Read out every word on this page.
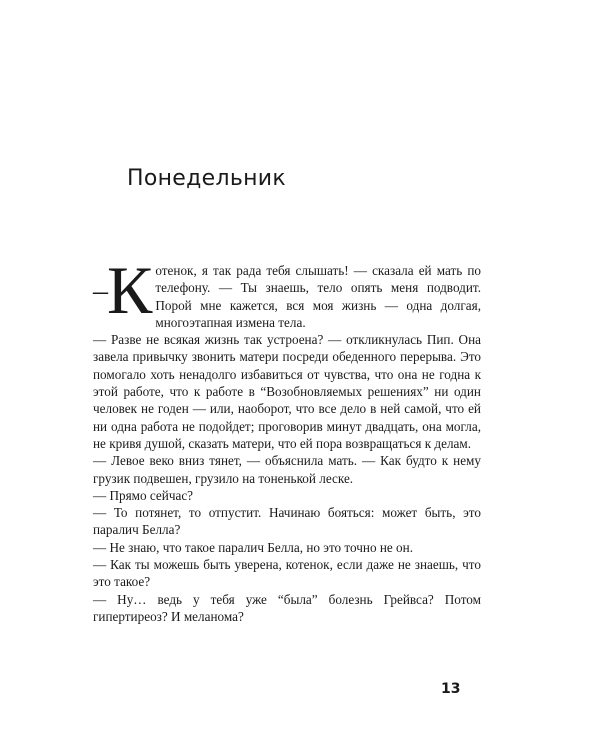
Понедельник

– К отенок, я так рада тебя слышать! — сказала ей мать по телефону. — Ты знаешь, тело опять меня подводит. Порой мне кажется, вся моя жизнь — одна долгая, многоэтапная измена тела.

— Разве не всякая жизнь так устроена? — откликнулась Пип. Она завела привычку звонить матери посреди обеденного перерыва. Это помогало хоть ненадолго избавиться от чувства, что она не годна к этой работе, что к работе в “Возобновляемых решениях” ни один человек не годен — или, наоборот, что все дело в ней самой, что ей ни одна работа не подойдет; проговорив минут двадцать, она могла, не кривя душой, сказать матери, что ей пора возвращаться к делам.

— Левое веко вниз тянет, — объяснила мать. — Как будто к нему грузик подвешен, грузило на тоненькой леске.

— Прямо сейчас?

— То потянет, то отпустит. Начинаю бояться: может быть, это паралич Белла?

— Не знаю, что такое паралич Белла, но это точно не он.

— Как ты можешь быть уверена, котенок, если даже не знаешь, что это такое?

— Ну… ведь у тебя уже “была” болезнь Грейвса? Потом гипертиреоз? И меланома?

13
